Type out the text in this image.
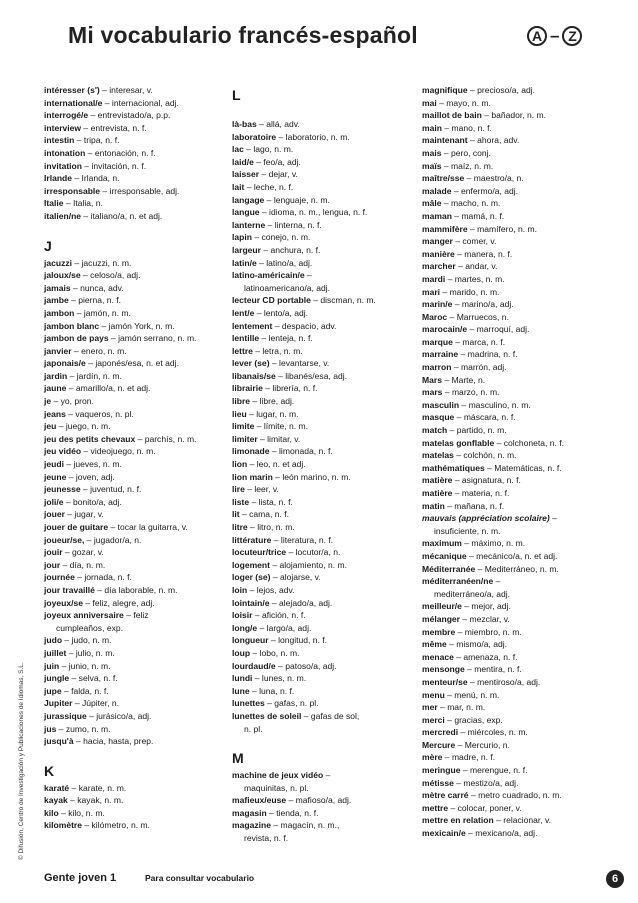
Mi vocabulario francés-español	A – Z
© Difusión, Centro de Investigación y Publicaciones de Idiomas, S.L.
intéresser (s') – interesar, v.
international/e – internacional, adj.
interrogé/e – entrevistado/a, p.p.
interview – entrevista, n. f.
intestin – tripa, n. f.
intonation – entonación, n. f.
invitation – invitación, n. f.
Irlande – Irlanda, n.
irresponsable – irresponsable, adj.
Italie – Italia, n.
italien/ne – italiano/a, n. et adj.
J
jacuzzi – jacuzzi, n. m.
jaloux/se – celoso/a, adj.
jamais – nunca, adv.
jambe – pierna, n. f.
jambon – jamón, n. m.
jambon blanc – jamón York, n. m.
jambon de pays – jamón serrano, n. m.
janvier – enero, n. m.
japonais/e – japonés/esa, n. et adj.
jardin – jardín, n. m.
jaune – amarillo/a, n. et adj.
je – yo, pron.
jeans – vaqueros, n. pl.
jeu – juego, n. m.
jeu des petits chevaux – parchís, n. m.
jeu vidéo – videojuego, n. m.
jeudi – jueves, n. m.
jeune – joven, adj.
jeunesse – juventud, n. f.
joli/e – bonito/a, adj.
jouer – jugar, v.
jouer de guitare – tocar la guitarra, v.
joueur/se, – jugador/a, n.
jouir – gozar, v.
jour – día, n. m.
journée – jornada, n. f.
jour travaillé – día laborable, n. m.
joyeux/se – feliz, alegre, adj.
joyeux anniversaire – feliz
cumpleaños, exp.
judo – judo, n. m.
juillet – julio, n. m.
juin – junio, n. m.
jungle – selva, n. f.
jupe – falda, n. f.
Jupiter – Júpiter, n.
jurassique – jurásico/a, adj.
jus – zumo, n. m.
jusqu'à – hacia, hasta, prep.
K
karaté – karate, n. m.
kayak – kayak, n. m.
kilo – kilo, n. m.
kilomètre – kilómetro, n. m.
L
là-bas – allá, adv.
laboratoire – laboratorio, n. m.
lac – lago, n. m.
laid/e – feo/a, adj.
laisser – dejar, v.
lait – leche, n. f.
langage – lenguaje, n. m.
langue – idioma, n. m., lengua, n. f.
lanterne – linterna, n. f.
lapin – conejo, n. m.
largeur – anchura, n. f.
latin/e – latino/a, adj.
latino-américain/e –
latinoamericano/a, adj.
lecteur CD portable – discman, n. m.
lent/e – lento/a, adj.
lentement – despacio, adv.
lentille – lenteja, n. f.
lettre – letra, n. m.
lever (se) – levantarse, v.
libanais/se – libanés/esa, adj.
librairie – librería, n. f.
libre – libre, adj.
lieu – lugar, n. m.
limite – límite, n. m.
limiter – limitar, v.
limonade – limonada, n. f.
lion – leo, n. et adj.
lion marin – león marino, n. m.
lire – leer, v.
liste – lista, n. f.
lit – cama, n. f.
litre – litro, n. m.
littérature – literatura, n. f.
locuteur/trice – locutor/a, n.
logement – alojamiento, n. m.
loger (se) – alojarse, v.
loin – lejos, adv.
lointain/e – alejado/a, adj.
loisir – afición, n. f.
long/e – largo/a, adj.
longueur – longitud, n. f.
loup – lobo, n. m.
lourdaud/e – patoso/a, adj.
lundi – lunes, n. m.
lune – luna, n. f.
lunettes – gafas, n. pl.
lunettes de soleil – gafas de sol,
n. pl.
M
machine de jeux vidéo –
maquinitas, n. pl.
mafieux/euse – mafioso/a, adj.
magasin – tienda, n. f.
magazine – magacín, n. m.,
revista, n. f.
magnifique – precioso/a, adj.
mai – mayo, n. m.
maillot de bain – bañador, n. m.
main – mano, n. f.
maintenant – ahora, adv.
mais – pero, conj.
maïs – maíz, n. m.
maître/sse – maestro/a, n.
malade – enfermo/a, adj.
mâle – macho, n. m.
maman – mamá, n. f.
mammifère – mamífero, n. m.
manger – comer, v.
manière – manera, n. f.
marcher – andar, v.
mardi – martes, n. m.
mari – marido, n. m.
marin/e – marino/a, adj.
Maroc – Marruecos, n.
marocain/e – marroquí, adj.
marque – marca, n. f.
marraine – madrina, n. f.
marron – marrón, adj.
Mars – Marte, n.
mars – marzo, n. m.
masculin – masculino, n. m.
masque – máscara, n. f.
match – partido, n. m.
matelas gonflable – colchoneta, n. f.
matelas – colchón, n. m.
mathématiques – Matemáticas, n. f.
matière – asignatura, n. f.
matière – materia, n. f.
matin – mañana, n. f.
mauvais (appréciation scolaire) –
insuficiente, n. m.
maximum – máximo, n. m.
mécanique – mecánico/a, n. et adj.
Méditerranée – Mediterráneo, n. m.
méditerranéen/ne –
mediterráneo/a, adj.
meilleur/e – mejor, adj.
mélanger – mezclar, v.
membre – miembro, n. m.
même – mismo/a, adj.
menace – amenaza, n. f.
mensonge – mentira, n. f.
menteur/se – mentiroso/a, adj.
menu – menú, n. m.
mer – mar, n. m.
merci – gracias, exp.
mercredi – miércoles, n. m.
Mercure – Mercurio, n.
mère – madre, n. f.
meringue – merengue, n. f.
métisse – mestizo/a, adj.
mètre carré – metro cuadrado, n. m.
mettre – colocar, poner, v.
mettre en relation – relacionar, v.
mexicain/e – mexicano/a, adj.
Gente joven 1	Para consultar vocabulario	6
